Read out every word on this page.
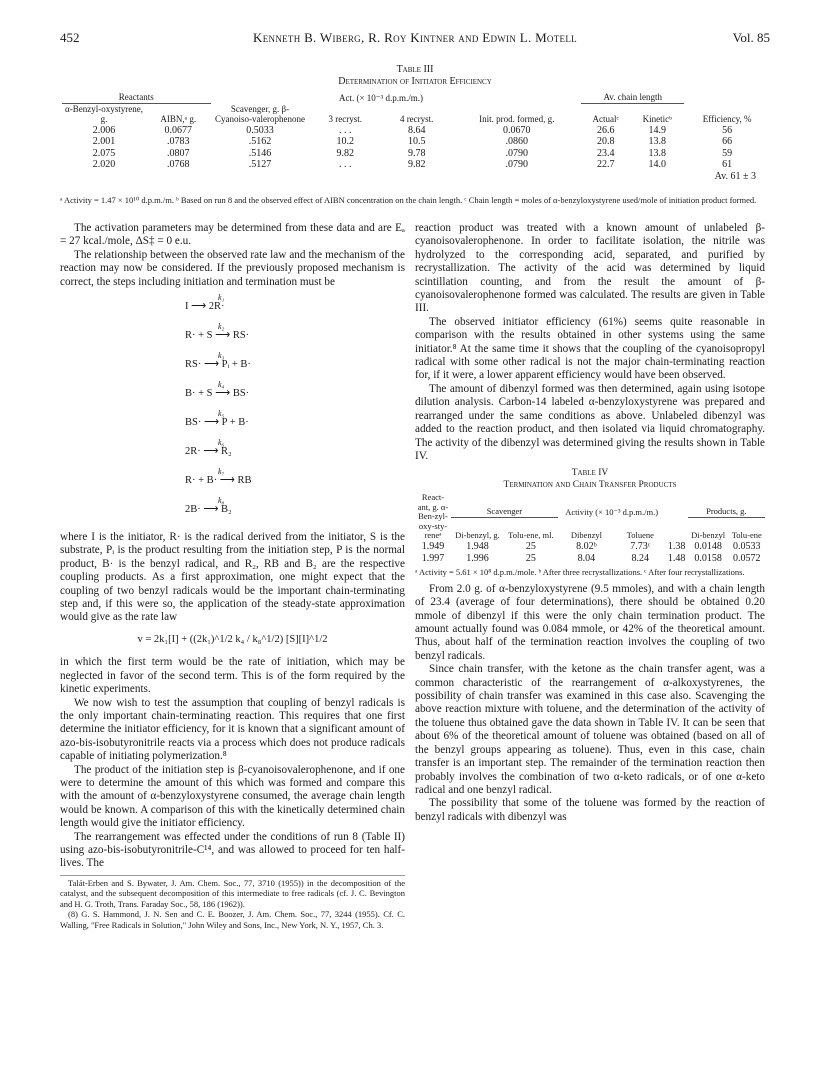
452	Kenneth B. Wiberg, R. Roy Kintner and Edwin L. Motell	Vol. 85
Table III
Determination of Initiator Efficiency
Reactants		Scavenger, g. β-Cyanoiso-valerophenone	Act. (× 10⁻³ d.p.m./m.)		Init. prod. formed, g.	Av. chain length		Efficiency, %
α-Benzyl-oxystyrene, g.	AIBN,ᵃ g.		3 recryst.	4 recryst.		Actualᶜ	Kineticᵇ	
2.006	0.0677	0.5033	. . .	8.64	0.0670	26.6	14.9	56
2.001	.0783	.5162	10.2	10.5	.0860	20.8	13.8	66
2.075	.0807	.5146	9.82	9.78	.0790	23.4	13.8	59
2.020	.0768	.5127	. . .	9.82	.0790	22.7	14.0	61
Av. 61 ± 3								
ᵃ Activity = 1.47 × 10¹⁰ d.p.m./m. ᵇ Based on run 8 and the observed effect of AIBN concentration on the chain length. ᶜ Chain length = moles of α-benzyloxystyrene used/mole of initiation product formed.

The activation parameters may be determined from these data and are Eₐ = 27 kcal./mole, ΔS‡ = 0 e.u.

The relationship between the observed rate law and the mechanism of the reaction may now be considered. If the previously proposed mechanism is correct, the steps including initiation and termination must be

k₁
I ⟶ 2R·
k₂
R· + S ⟶ RS·
k₃
RS· ⟶ Pᵢ + B·
k₄
B· + S ⟶ BS·
k₅
BS· ⟶ P + B·
k₆
2R· ⟶ R₂
k₇
R· + B· ⟶ RB
k₈
2B· ⟶ B₂

where I is the initiator, R· is the radical derived from the initiator, S is the substrate, Pᵢ is the product resulting from the initiation step, P is the normal product, B· is the benzyl radical, and R₂, RB and B₂ are the respective coupling products. As a first approximation, one might expect that the coupling of two benzyl radicals would be the important chain-terminating step and, if this were so, the application of the steady-state approximation would give as the rate law

v = 2k₁[I] + ((2k₁)^1/2 k₄ / k₈^1/2) [S][I]^1/2

in which the first term would be the rate of initiation, which may be neglected in favor of the second term. This is of the form required by the kinetic experiments.

We now wish to test the assumption that coupling of benzyl radicals is the only important chain-terminating reaction. This requires that one first determine the initiator efficiency, for it is known that a significant amount of azo-bis-isobutyronitrile reacts via a process which does not produce radicals capable of initiating polymerization.⁸

The product of the initiation step is β-cyanoisovalerophenone, and if one were to determine the amount of this which was formed and compare this with the amount of α-benzyloxystyrene consumed, the average chain length would be known. A comparison of this with the kinetically determined chain length would give the initiator efficiency.

The rearrangement was effected under the conditions of run 8 (Table II) using azo-bis-isobutyronitrile-C¹⁴, and was allowed to proceed for ten half-lives. The

Talát-Erben and S. Bywater, J. Am. Chem. Soc., 77, 3710 (1955)) in the decomposition of the catalyst, and the subsequent decomposition of this intermediate to free radicals (cf. J. C. Bevington and H. G. Troth, Trans. Faraday Soc., 58, 186 (1962)).
(8) G. S. Hammond, J. N. Sen and C. E. Boozer, J. Am. Chem. Soc., 77, 3244 (1955). Cf. C. Walling, "Free Radicals in Solution," John Wiley and Sons, Inc., New York, N. Y., 1957, Ch. 3.

reaction product was treated with a known amount of unlabeled β-cyanoisovalerophenone. In order to facilitate isolation, the nitrile was hydrolyzed to the corresponding acid, separated, and purified by recrystallization. The activity of the acid was determined by liquid scintillation counting, and from the result the amount of β-cyanoisovalerophenone formed was calculated. The results are given in Table III.

The observed initiator efficiency (61%) seems quite reasonable in comparison with the results obtained in other systems using the same initiator.⁸ At the same time it shows that the coupling of the cyanoisopropyl radical with some other radical is not the major chain-terminating reaction for, if it were, a lower apparent efficiency would have been observed.

The amount of dibenzyl formed was then determined, again using isotope dilution analysis. Carbon-14 labeled α-benzyloxystyrene was prepared and rearranged under the same conditions as above. Unlabeled dibenzyl was added to the reaction product, and then isolated via liquid chromatography. The activity of the dibenzyl was determined giving the results shown in Table IV.

Table IV
Termination and Chain Transfer Products
React-ant, g. α-Ben-zyl-oxy-sty-reneᵃ	Scavenger		Activity (× 10⁻³ d.p.m./m.)			Products, g.	
	Di-benzyl, g.	Tolu-ene, ml.	Dibenzyl	Toluene		Di-benzyl	Tolu-ene
1.949	1.948	25	8.02ᵇ	7.73ᶜ	1.38	0.0148	0.0533
1.997	1.996	25	8.04	8.24	1.48	0.0158	0.0572
ᵃ Activity = 5.61 × 10⁸ d.p.m./mole. ᵇ After three recrystallizations. ᶜ After four recrystallizations.

From 2.0 g. of α-benzyloxystyrene (9.5 mmoles), and with a chain length of 23.4 (average of four determinations), there should be obtained 0.20 mmole of dibenzyl if this were the only chain termination product. The amount actually found was 0.084 mmole, or 42% of the theoretical amount. Thus, about half of the termination reaction involves the coupling of two benzyl radicals.

Since chain transfer, with the ketone as the chain transfer agent, was a common characteristic of the rearrangement of α-alkoxystyrenes, the possibility of chain transfer was examined in this case also. Scavenging the above reaction mixture with toluene, and the determination of the activity of the toluene thus obtained gave the data shown in Table IV. It can be seen that about 6% of the theoretical amount of toluene was obtained (based on all of the benzyl groups appearing as toluene). Thus, even in this case, chain transfer is an important step. The remainder of the termination reaction then probably involves the combination of two α-keto radicals, or of one α-keto radical and one benzyl radical.

The possibility that some of the toluene was formed by the reaction of benzyl radicals with dibenzyl was
